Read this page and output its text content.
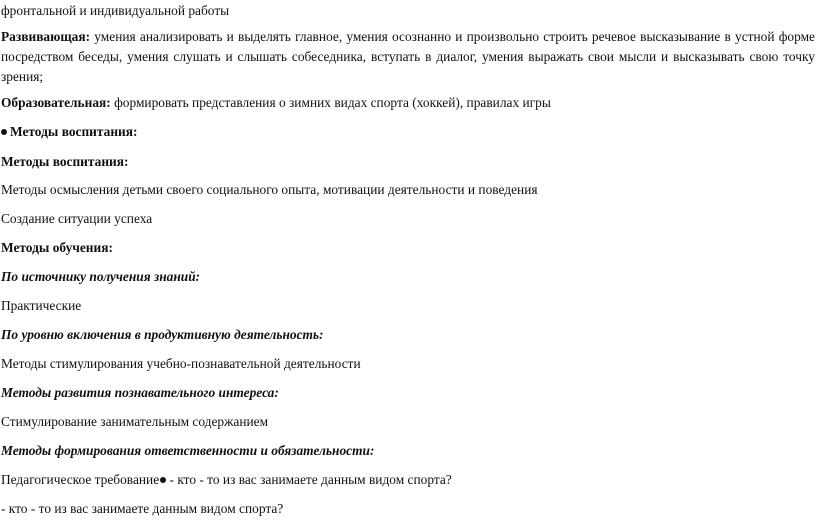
фронтальной и индивидуальной работы

Развивающая: умения анализировать и выделять главное, умения осознанно и произвольно строить речевое высказывание в устной форме посредством беседы, умения слушать и слышать собеседника, вступать в диалог, умения выражать свои мысли и высказывать свою точку зрения;

Образовательная: формировать представления о зимних видах спорта (хоккей), правилах игры

Методы воспитания:

Методы воспитания:

Методы осмысления детьми своего социального опыта, мотивации деятельности и поведения

Создание ситуации успеха

Методы обучения:

По источнику получения знаний:

Практические

По уровню включения в продуктивную деятельность:

Методы стимулирования учебно-познавательной деятельности

Методы развития познавательного интереса:

Стимулирование занимательным содержанием

Методы формирования ответственности и обязательности:

Педагогическое требование - кто - то из вас занимаете данным видом спорта?

- кто - то из вас занимаете данным видом спорта?
